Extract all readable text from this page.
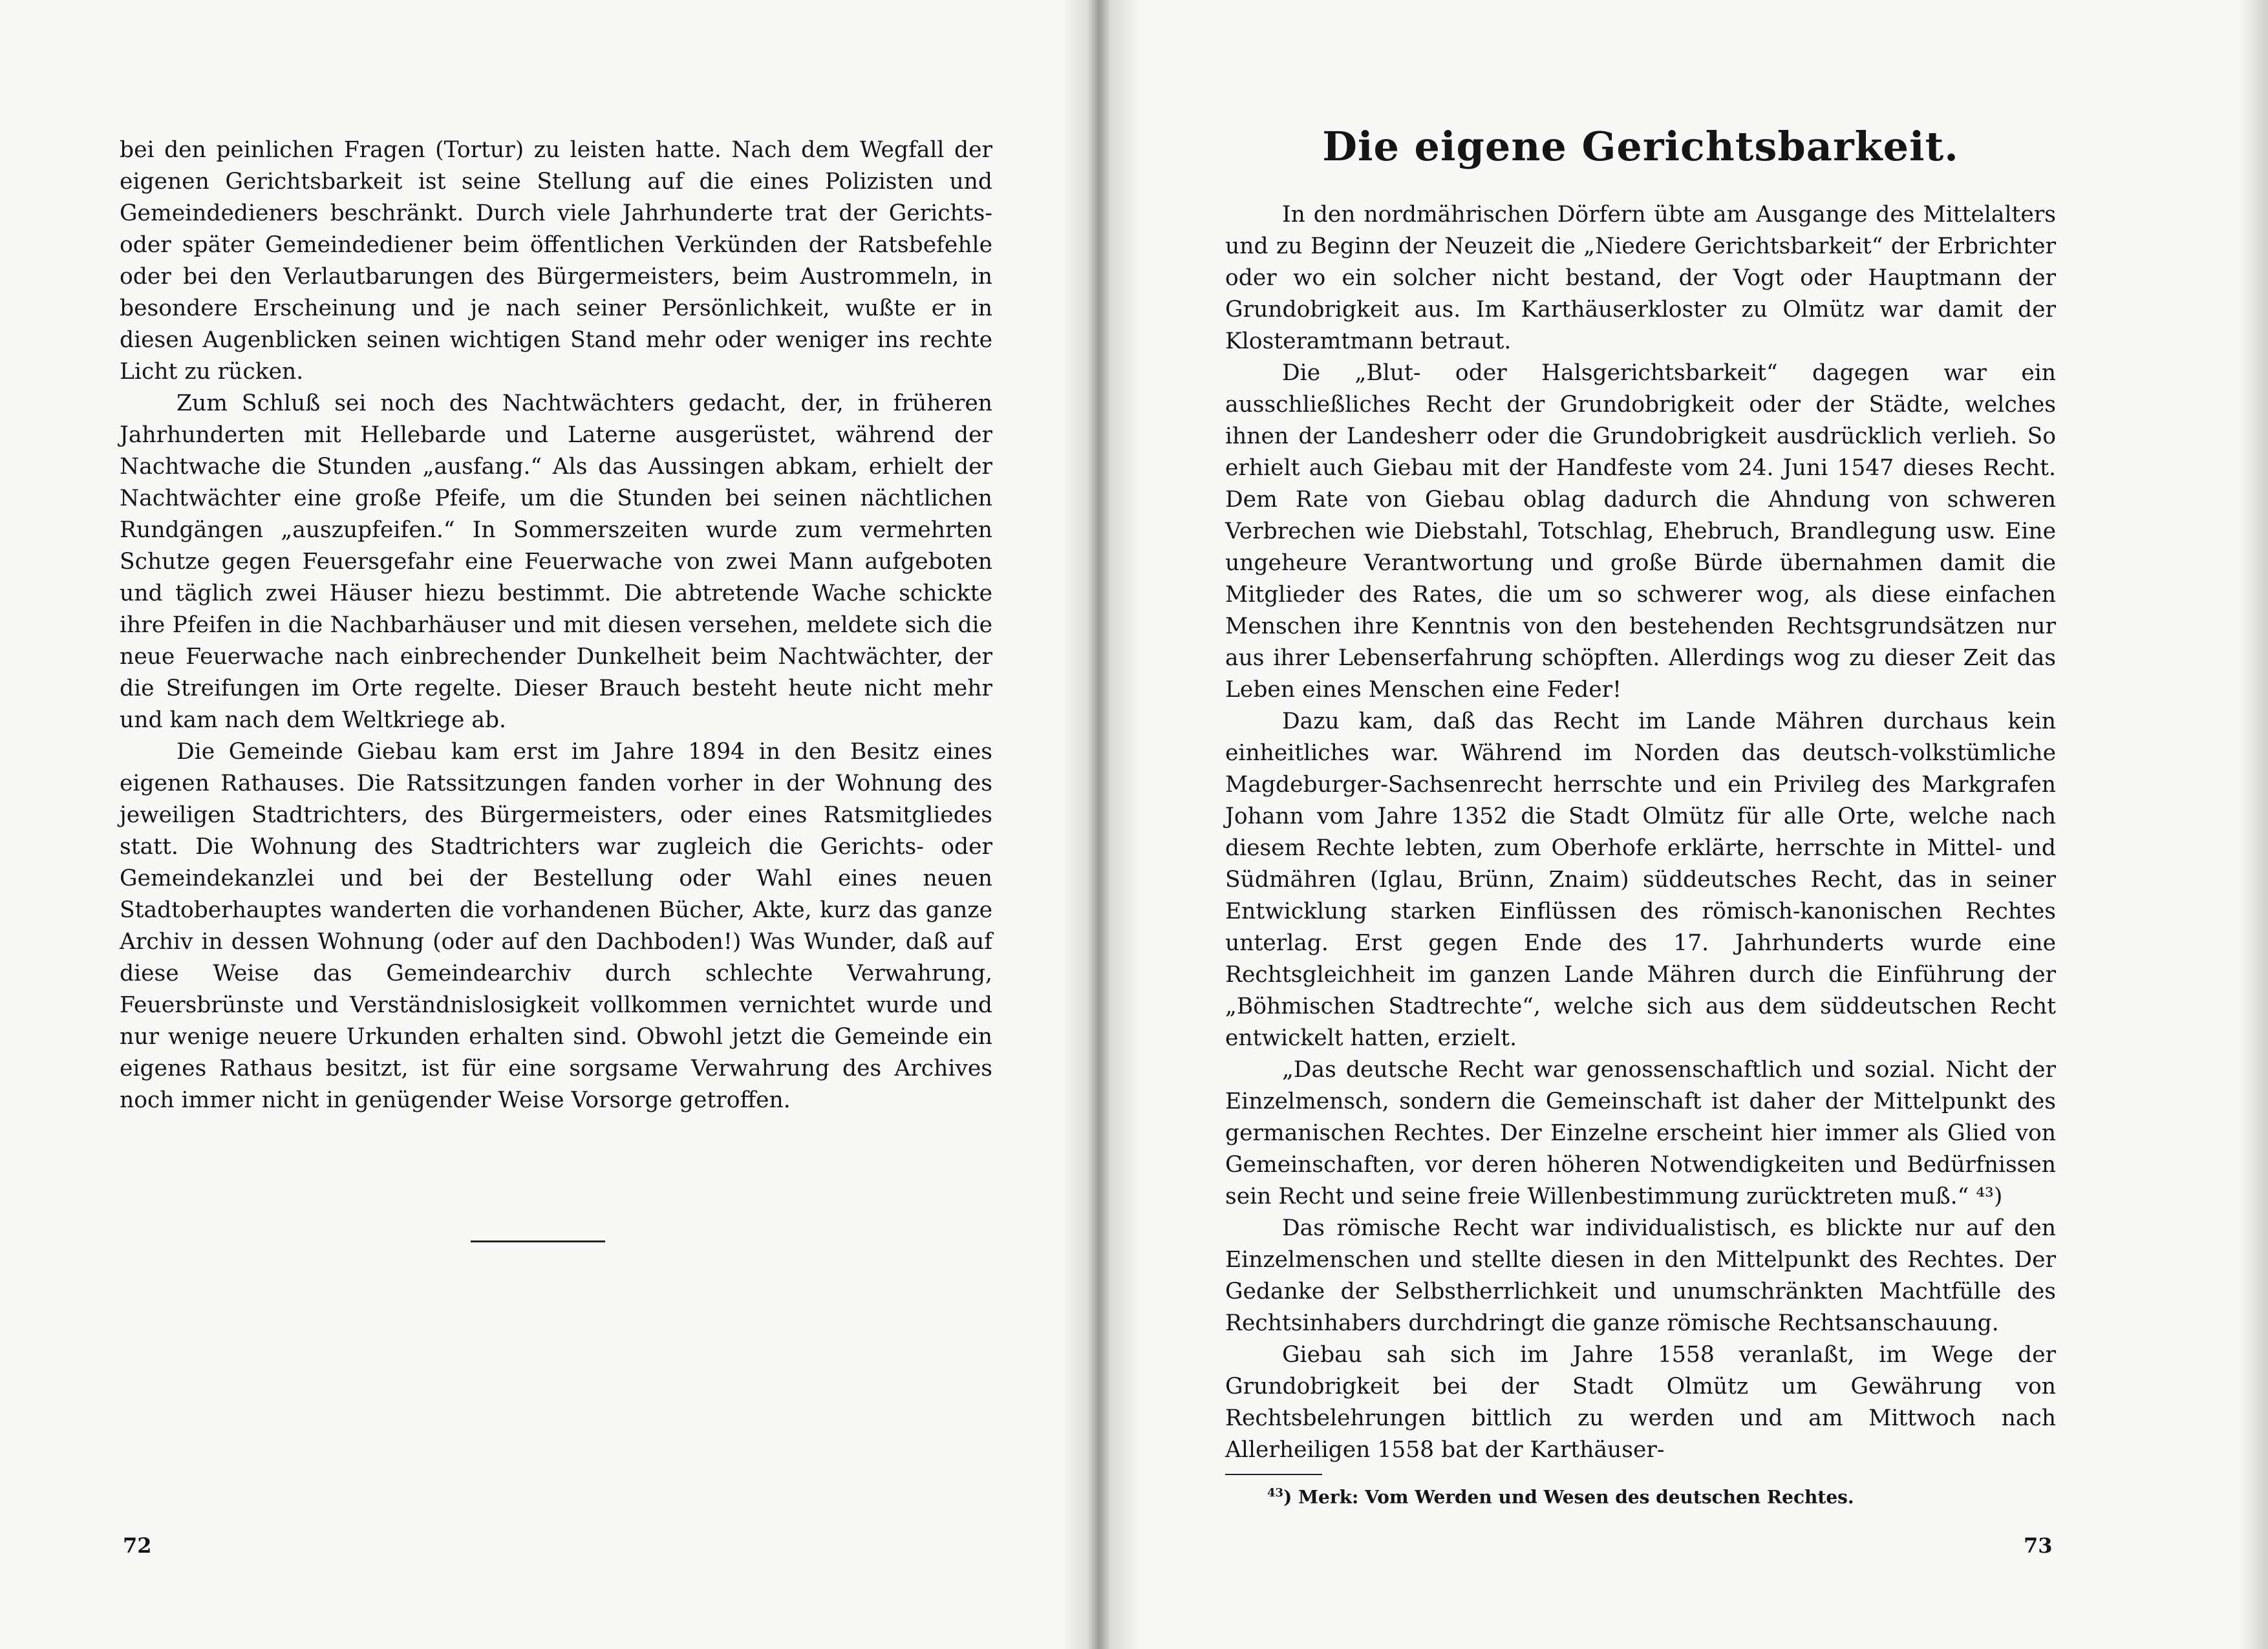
bei den peinlichen Fragen (Tortur) zu leisten hatte. Nach dem Wegfall der eigenen Gerichtsbarkeit ist seine Stellung auf die eines Polizisten und Gemeindedieners beschränkt. Durch viele Jahrhunderte trat der Gerichts- oder später Gemeindediener beim öffentlichen Verkünden der Ratsbefehle oder bei den Verlautbarungen des Bürgermeisters, beim Austrommeln, in besondere Erscheinung und je nach seiner Persönlichkeit, wußte er in diesen Augenblicken seinen wichtigen Stand mehr oder weniger ins rechte Licht zu rücken.

Zum Schluß sei noch des Nachtwächters gedacht, der, in früheren Jahrhunderten mit Hellebarde und Laterne ausgerüstet, während der Nachtwache die Stunden „ausfang.“ Als das Aussingen abkam, erhielt der Nachtwächter eine große Pfeife, um die Stunden bei seinen nächtlichen Rundgängen „auszupfeifen.“ In Sommerszeiten wurde zum vermehrten Schutze gegen Feuersgefahr eine Feuerwache von zwei Mann aufgeboten und täglich zwei Häuser hiezu bestimmt. Die abtretende Wache schickte ihre Pfeifen in die Nachbarhäuser und mit diesen versehen, meldete sich die neue Feuerwache nach einbrechender Dunkelheit beim Nachtwächter, der die Streifungen im Orte regelte. Dieser Brauch besteht heute nicht mehr und kam nach dem Weltkriege ab.

Die Gemeinde Giebau kam erst im Jahre 1894 in den Besitz eines eigenen Rathauses. Die Ratssitzungen fanden vorher in der Wohnung des jeweiligen Stadtrichters, des Bürgermeisters, oder eines Ratsmitgliedes statt. Die Wohnung des Stadtrichters war zugleich die Gerichts- oder Gemeindekanzlei und bei der Bestellung oder Wahl eines neuen Stadtoberhauptes wanderten die vorhandenen Bücher, Akte, kurz das ganze Archiv in dessen Wohnung (oder auf den Dachboden!) Was Wunder, daß auf diese Weise das Gemeindearchiv durch schlechte Verwahrung, Feuersbrünste und Verständnislosigkeit vollkommen vernichtet wurde und nur wenige neuere Urkunden erhalten sind. Obwohl jetzt die Gemeinde ein eigenes Rathaus besitzt, ist für eine sorgsame Verwahrung des Archives noch immer nicht in genügender Weise Vorsorge getroffen.

72
Die eigene Gerichtsbarkeit.

In den nordmährischen Dörfern übte am Ausgange des Mittelalters und zu Beginn der Neuzeit die „Niedere Gerichtsbarkeit“ der Erbrichter oder wo ein solcher nicht bestand, der Vogt oder Hauptmann der Grundobrigkeit aus. Im Karthäuserkloster zu Olmütz war damit der Klosteramtmann betraut.

Die „Blut- oder Halsgerichtsbarkeit“ dagegen war ein ausschließliches Recht der Grundobrigkeit oder der Städte, welches ihnen der Landesherr oder die Grundobrigkeit ausdrücklich verlieh. So erhielt auch Giebau mit der Handfeste vom 24. Juni 1547 dieses Recht. Dem Rate von Giebau oblag dadurch die Ahndung von schweren Verbrechen wie Diebstahl, Totschlag, Ehebruch, Brandlegung usw. Eine ungeheure Verantwortung und große Bürde übernahmen damit die Mitglieder des Rates, die um so schwerer wog, als diese einfachen Menschen ihre Kenntnis von den bestehenden Rechtsgrundsätzen nur aus ihrer Lebenserfahrung schöpften. Allerdings wog zu dieser Zeit das Leben eines Menschen eine Feder!

Dazu kam, daß das Recht im Lande Mähren durchaus kein einheitliches war. Während im Norden das deutsch-volkstümliche Magdeburger-Sachsenrecht herrschte und ein Privileg des Markgrafen Johann vom Jahre 1352 die Stadt Olmütz für alle Orte, welche nach diesem Rechte lebten, zum Oberhofe erklärte, herrschte in Mittel- und Südmähren (Iglau, Brünn, Znaim) süddeutsches Recht, das in seiner Entwicklung starken Einflüssen des römisch-kanonischen Rechtes unterlag. Erst gegen Ende des 17. Jahrhunderts wurde eine Rechtsgleichheit im ganzen Lande Mähren durch die Einführung der „Böhmischen Stadtrechte“, welche sich aus dem süddeutschen Recht entwickelt hatten, erzielt.

„Das deutsche Recht war genossenschaftlich und sozial. Nicht der Einzelmensch, sondern die Gemeinschaft ist daher der Mittelpunkt des germanischen Rechtes. Der Einzelne erscheint hier immer als Glied von Gemeinschaften, vor deren höheren Notwendigkeiten und Bedürfnissen sein Recht und seine freie Willenbestimmung zurücktreten muß.“ ⁴³)

Das römische Recht war individualistisch, es blickte nur auf den Einzelmenschen und stellte diesen in den Mittelpunkt des Rechtes. Der Gedanke der Selbstherrlichkeit und unumschränkten Machtfülle des Rechtsinhabers durchdringt die ganze römische Rechtsanschauung.

Giebau sah sich im Jahre 1558 veranlaßt, im Wege der Grundobrigkeit bei der Stadt Olmütz um Gewährung von Rechtsbelehrungen bittlich zu werden und am Mittwoch nach Allerheiligen 1558 bat der Karthäuser-

$^{43}$) Merk: Vom Werden und Wesen des deutschen Rechtes.
73
